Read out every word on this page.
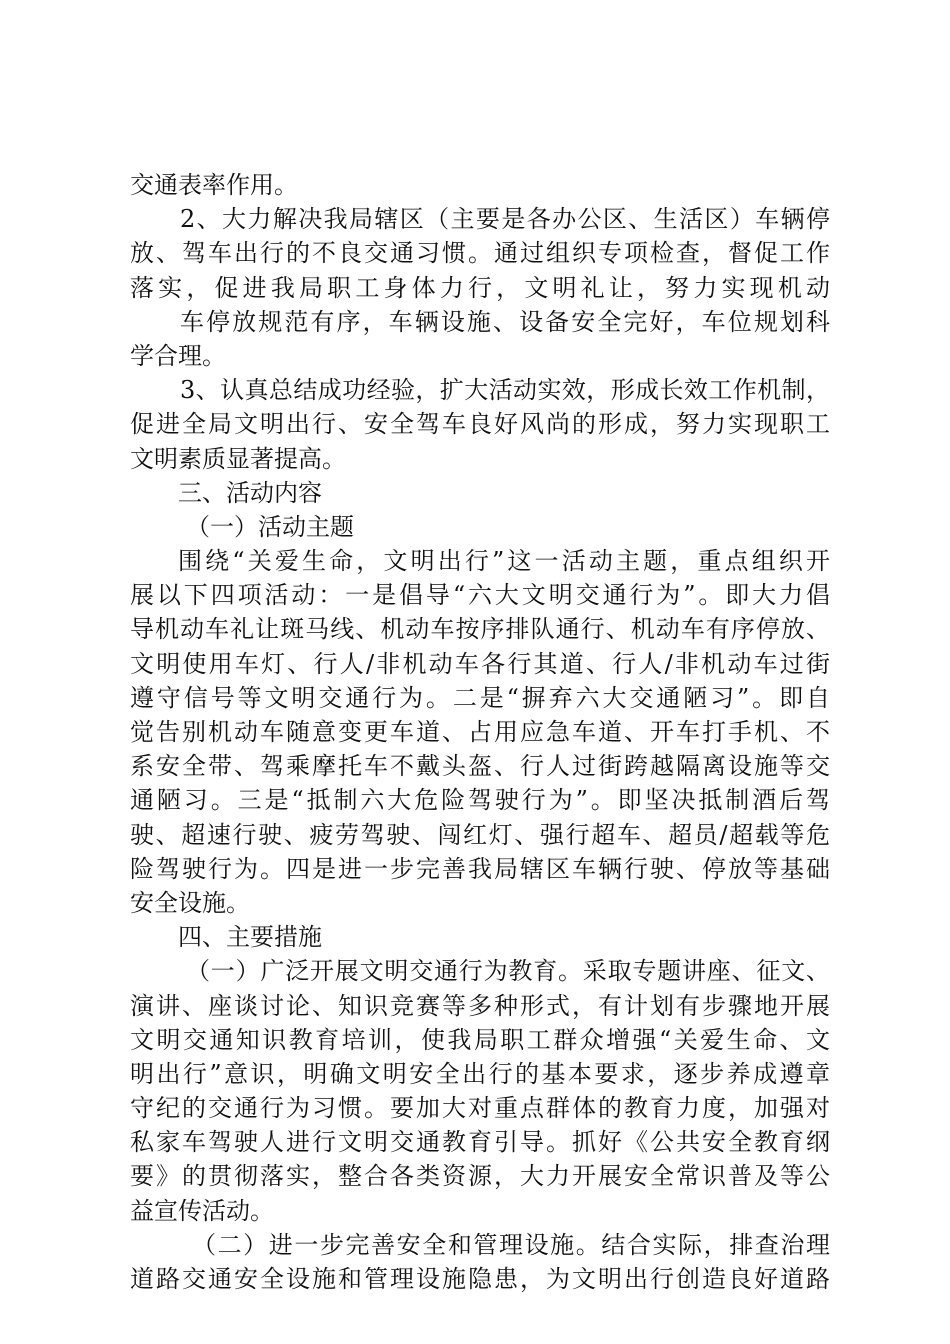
交通表率作用。
2、大力解决我局辖区（主要是各办公区、生活区）车辆停
放、驾车出行的不良交通习惯。通过组织专项检查，督促工作
落实，促进我局职工身体力行，文明礼让，努力实现机动
车停放规范有序，车辆设施、设备安全完好，车位规划科
学合理。
3、认真总结成功经验，扩大活动实效，形成长效工作机制，
促进全局文明出行、安全驾车良好风尚的形成，努力实现职工
文明素质显著提高。
三、活动内容
（一）活动主题
围绕“关爱生命，文明出行”这一活动主题，重点组织开
展以下四项活动：一是倡导“六大文明交通行为”。即大力倡
导机动车礼让斑马线、机动车按序排队通行、机动车有序停放、
文明使用车灯、行人/非机动车各行其道、行人/非机动车过街
遵守信号等文明交通行为。二是“摒弃六大交通陋习”。即自
觉告别机动车随意变更车道、占用应急车道、开车打手机、不
系安全带、驾乘摩托车不戴头盔、行人过街跨越隔离设施等交
通陋习。三是“抵制六大危险驾驶行为”。即坚决抵制酒后驾
驶、超速行驶、疲劳驾驶、闯红灯、强行超车、超员/超载等危
险驾驶行为。四是进一步完善我局辖区车辆行驶、停放等基础
安全设施。
四、主要措施
（一）广泛开展文明交通行为教育。采取专题讲座、征文、
演讲、座谈讨论、知识竞赛等多种形式，有计划有步骤地开展
文明交通知识教育培训，使我局职工群众增强“关爱生命、文
明出行”意识，明确文明安全出行的基本要求，逐步养成遵章
守纪的交通行为习惯。要加大对重点群体的教育力度，加强对
私家车驾驶人进行文明交通教育引导。抓好《公共安全教育纲
要》的贯彻落实，整合各类资源，大力开展安全常识普及等公
益宣传活动。
（二）进一步完善安全和管理设施。结合实际，排查治理
道路交通安全设施和管理设施隐患，为文明出行创造良好道路
